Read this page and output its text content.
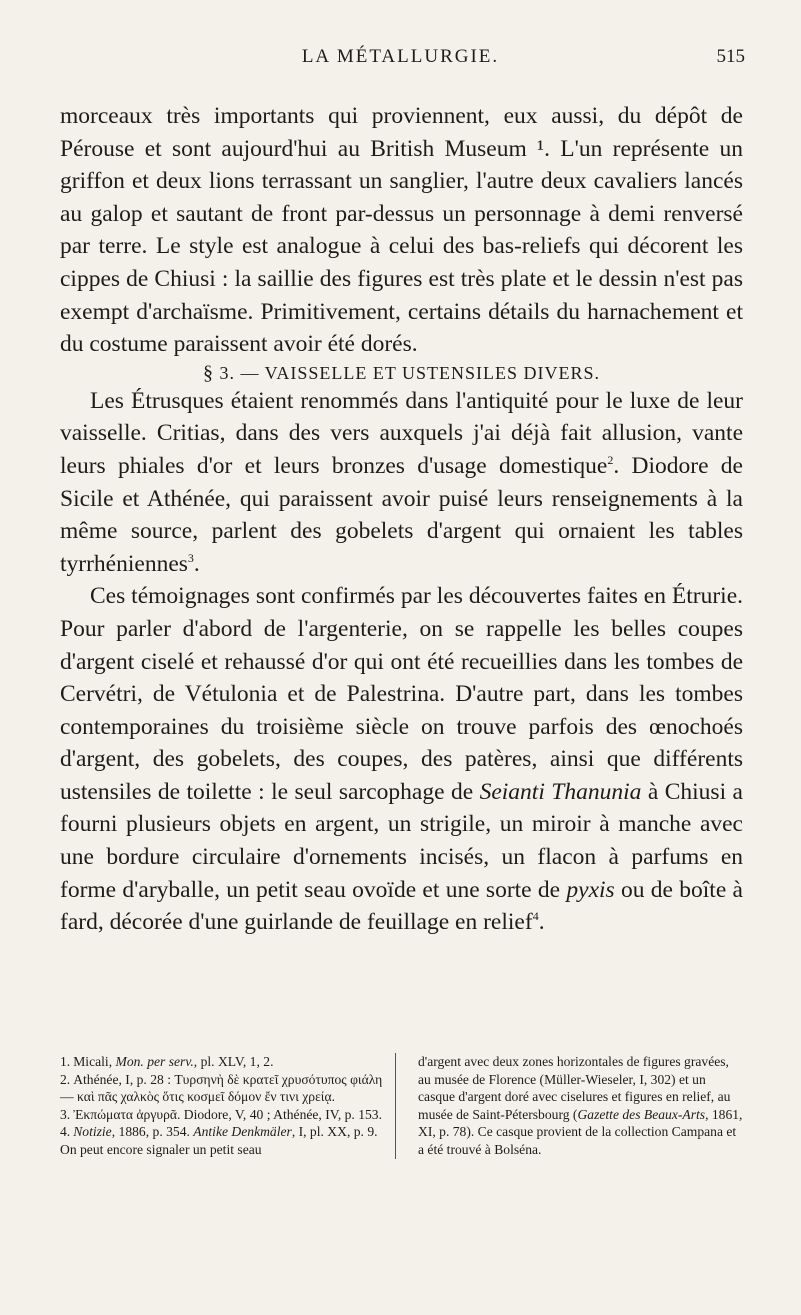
LA MÉTALLURGIE.	515

morceaux très importants qui proviennent, eux aussi, du dépôt de Pérouse et sont aujourd'hui au British Museum ¹. L'un représente un griffon et deux lions terrassant un sanglier, l'autre deux cavaliers lancés au galop et sautant de front par-dessus un personnage à demi renversé par terre. Le style est analogue à celui des bas-reliefs qui décorent les cippes de Chiusi : la saillie des figures est très plate et le dessin n'est pas exempt d'archaïsme. Primitivement, certains détails du harnachement et du costume paraissent avoir été dorés.

§ 3. — VAISSELLE ET USTENSILES DIVERS.

Les Étrusques étaient renommés dans l'antiquité pour le luxe de leur vaisselle. Critias, dans des vers auxquels j'ai déjà fait allusion, vante leurs phiales d'or et leurs bronzes d'usage domestique$^2$. Diodore de Sicile et Athénée, qui paraissent avoir puisé leurs renseignements à la même source, parlent des gobelets d'argent qui ornaient les tables tyrrhéniennes$^3$.

Ces témoignages sont confirmés par les découvertes faites en Étrurie. Pour parler d'abord de l'argenterie, on se rappelle les belles coupes d'argent ciselé et rehaussé d'or qui ont été recueillies dans les tombes de Cervétri, de Vétulonia et de Palestrina. D'autre part, dans les tombes contemporaines du troisième siècle on trouve parfois des œnochoés d'argent, des gobelets, des coupes, des patères, ainsi que différents ustensiles de toilette : le seul sarcophage de Seianti Thanunia à Chiusi a fourni plusieurs objets en argent, un strigile, un miroir à manche avec une bordure circulaire d'ornements incisés, un flacon à parfums en forme d'aryballe, un petit seau ovoïde et une sorte de pyxis ou de boîte à fard, décorée d'une guirlande de feuillage en relief$^4$.

1. Micali, Mon. per serv., pl. XLV, 1, 2.

2. Athénée, I, p. 28 : Τυρσηνὴ δὲ κρατεῖ χρυσότυπος φιάλη — καὶ πᾶς χαλκὸς ὅτις κοσμεῖ δόμον ἔν τινι χρείᾳ.

3. Ἐκπώματα ἀργυρᾶ. Diodore, V, 40 ; Athénée, IV, p. 153.

4. Notizie, 1886, p. 354. Antike Denkmäler, I, pl. XX, p. 9. On peut encore signaler un petit seau

d'argent avec deux zones horizontales de figures gravées, au musée de Florence (Müller-Wieseler, I, 302) et un casque d'argent doré avec ciselures et figures en relief, au musée de Saint-Pétersbourg (Gazette des Beaux-Arts, 1861, XI, p. 78). Ce casque provient de la collection Campana et a été trouvé à Bolséna.
